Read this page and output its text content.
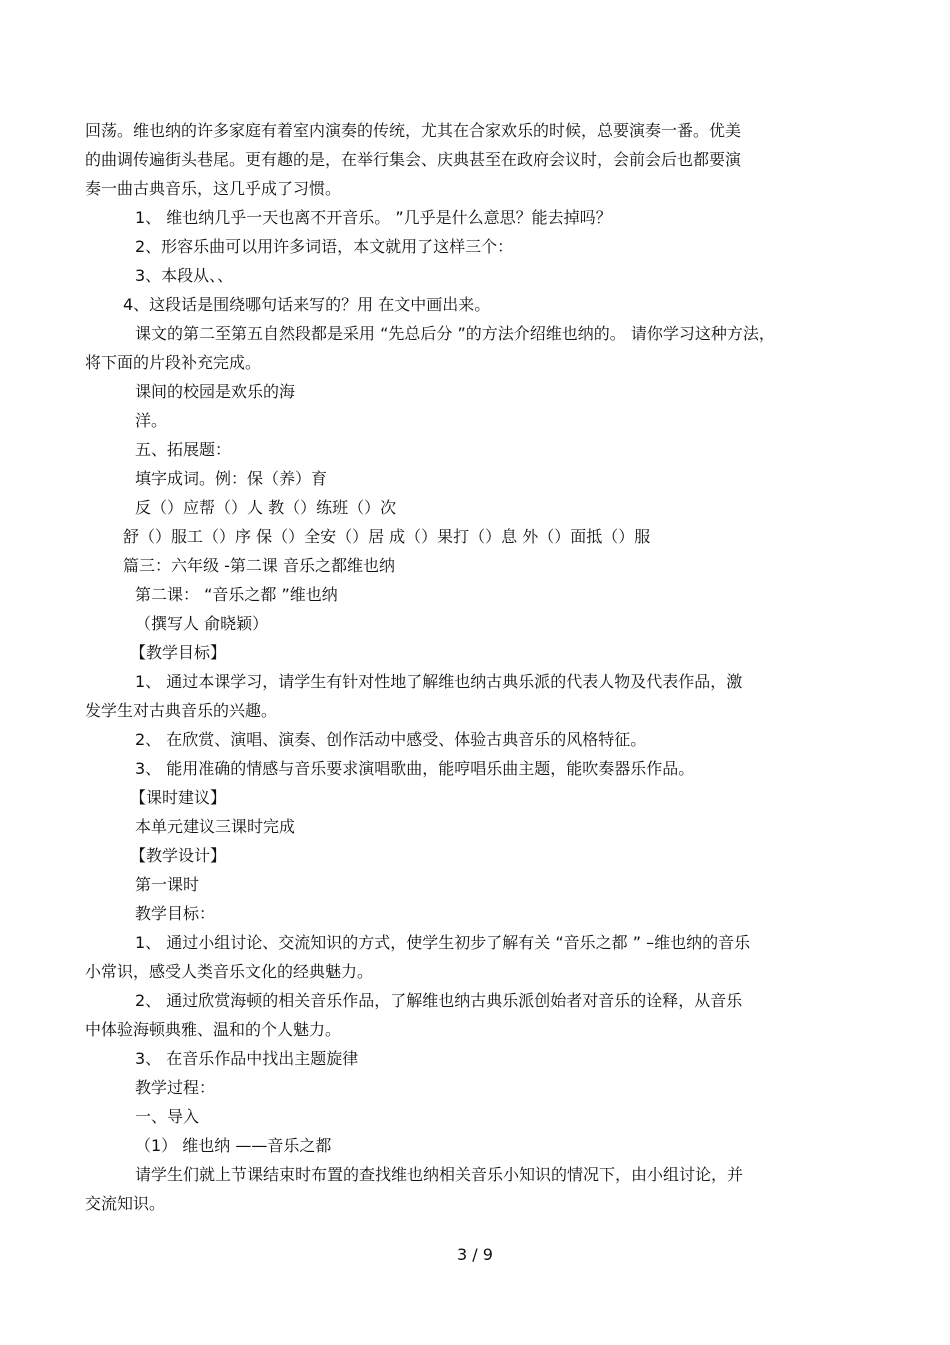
回荡。维也纳的许多家庭有着室内演奏的传统，尤其在合家欢乐的时候，总要演奏一番。优美
的曲调传遍街头巷尾。更有趣的是，在举行集会、庆典甚至在政府会议时，会前会后也都要演
奏一曲古典音乐，这几乎成了习惯。
1、 维也纳几乎一天也离不开音乐。 ”几乎是什么意思？能去掉吗？
2、形容乐曲可以用许多词语，本文就用了这样三个：
3、本段从、、
4、这段话是围绕哪句话来写的？用 在文中画出来。
课文的第二至第五自然段都是采用 “先总后分 ”的方法介绍维也纳的。 请你学习这种方法，
将下面的片段补充完成。
课间的校园是欢乐的海
洋。
五、拓展题：
填字成词。例：保（养）育
反（）应帮（）人 教（）练班（）次
舒（）服工（）序 保（）全安（）居 成（）果打（）息 外（）面抵（）服
篇三：六年级 -第二课 音乐之都维也纳
第二课： “音乐之都 ”维也纳
（撰写人 俞晓颖）
【教学目标】
1、 通过本课学习，请学生有针对性地了解维也纳古典乐派的代表人物及代表作品，激
发学生对古典音乐的兴趣。
2、 在欣赏、演唱、演奏、创作活动中感受、体验古典音乐的风格特征。
3、 能用准确的情感与音乐要求演唱歌曲，能哼唱乐曲主题，能吹奏器乐作品。
【课时建议】
本单元建议三课时完成
【教学设计】
第一课时
教学目标：
1、 通过小组讨论、交流知识的方式，使学生初步了解有关 “音乐之都 ” –维也纳的音乐
小常识，感受人类音乐文化的经典魅力。
2、 通过欣赏海顿的相关音乐作品，了解维也纳古典乐派创始者对音乐的诠释，从音乐
中体验海顿典雅、温和的个人魅力。
3、 在音乐作品中找出主题旋律
教学过程：
一、导入
（1） 维也纳 ——音乐之都
请学生们就上节课结束时布置的查找维也纳相关音乐小知识的情况下，由小组讨论，并
交流知识。
3 / 9
